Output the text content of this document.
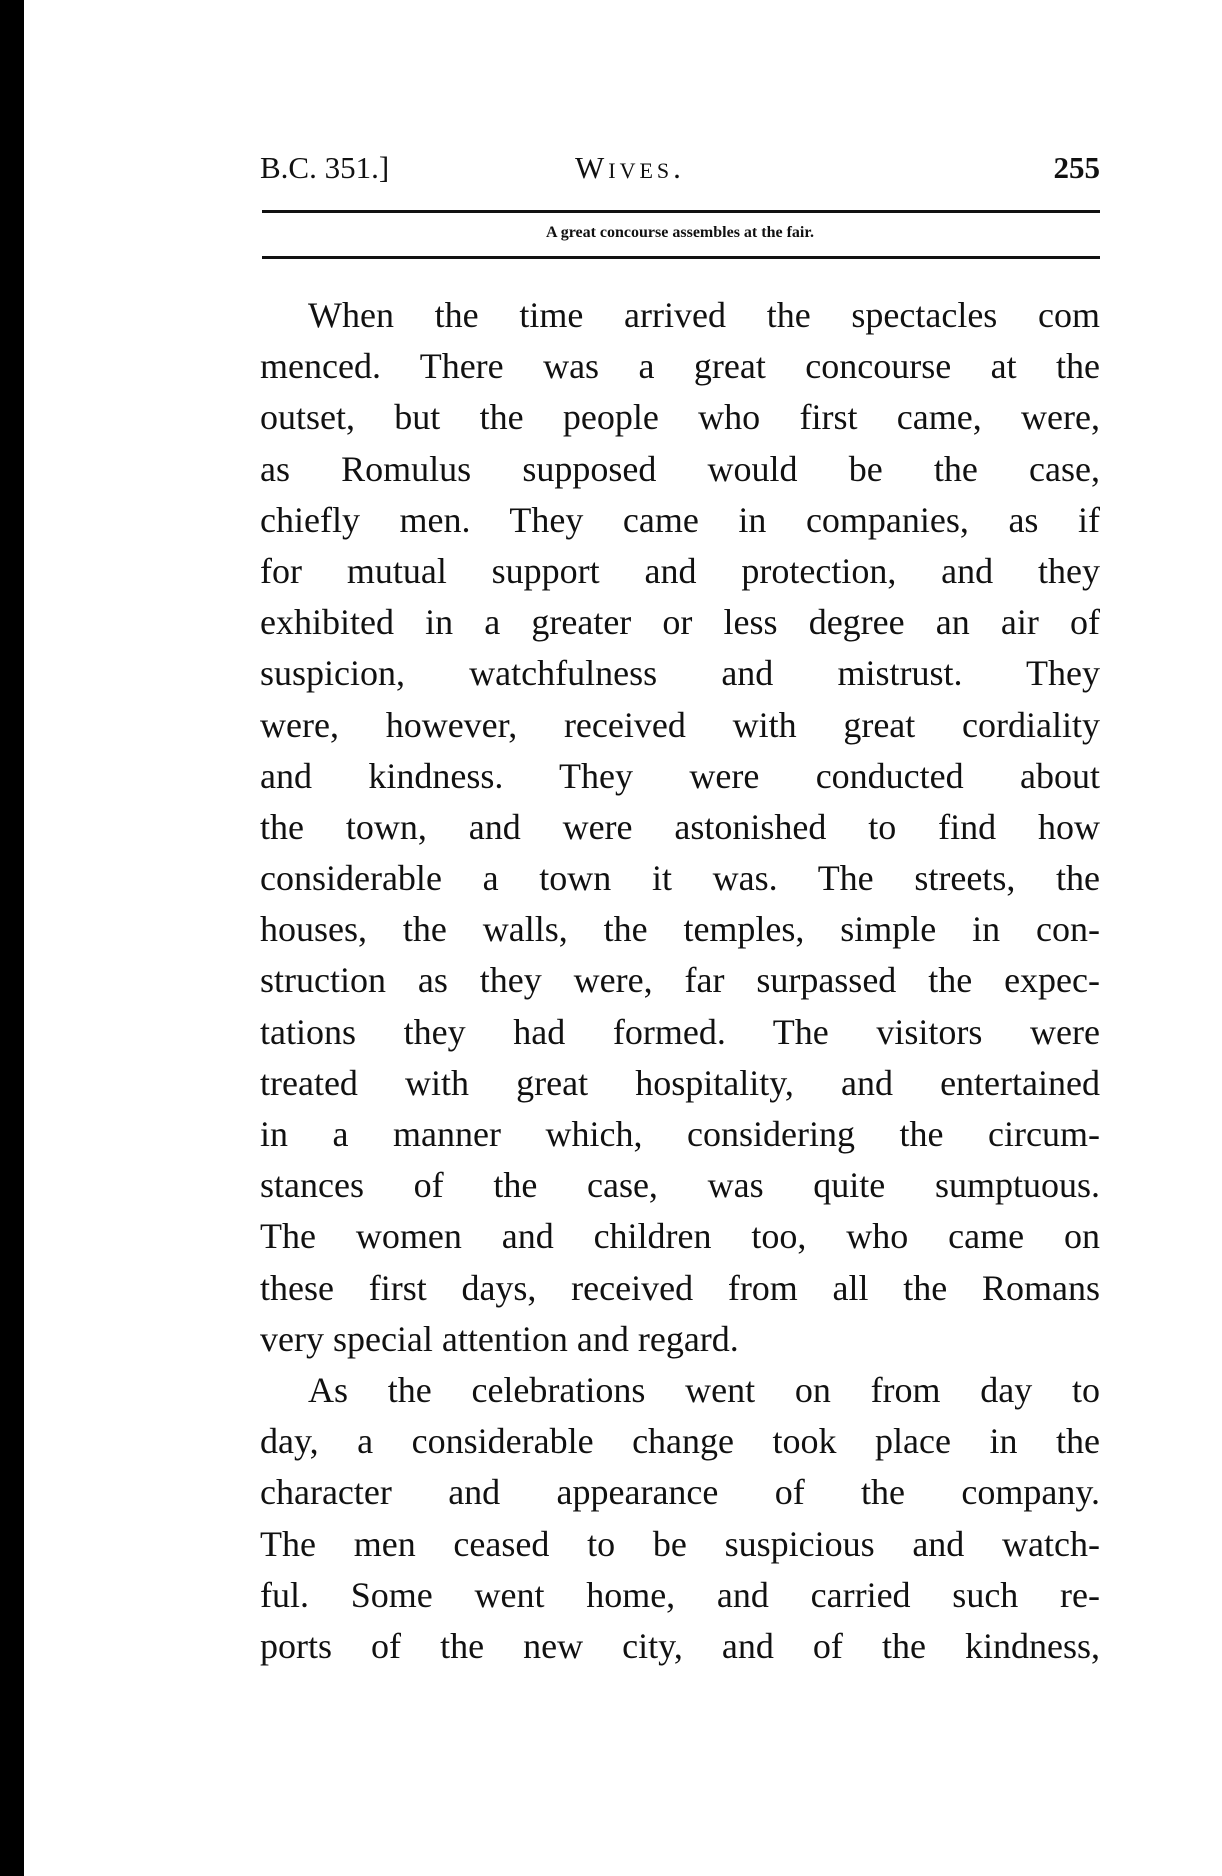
B.C. 351.]	Wives.	255
A great concourse assembles at the fair.
When the time arrived the spectacles com
menced. There was a great concourse at the
outset, but the people who first came, were,
as Romulus supposed would be the case,
chiefly men. They came in companies, as if
for mutual support and protection, and they
exhibited in a greater or less degree an air of
suspicion, watchfulness and mistrust. They
were, however, received with great cordiality
and kindness. They were conducted about
the town, and were astonished to find how
considerable a town it was. The streets, the
houses, the walls, the temples, simple in con-
struction as they were, far surpassed the expec-
tations they had formed. The visitors were
treated with great hospitality, and entertained
in a manner which, considering the circum-
stances of the case, was quite sumptuous.
The women and children too, who came on
these first days, received from all the Romans
very special attention and regard.
As the celebrations went on from day to
day, a considerable change took place in the
character and appearance of the company.
The men ceased to be suspicious and watch-
ful. Some went home, and carried such re-
ports of the new city, and of the kindness,
